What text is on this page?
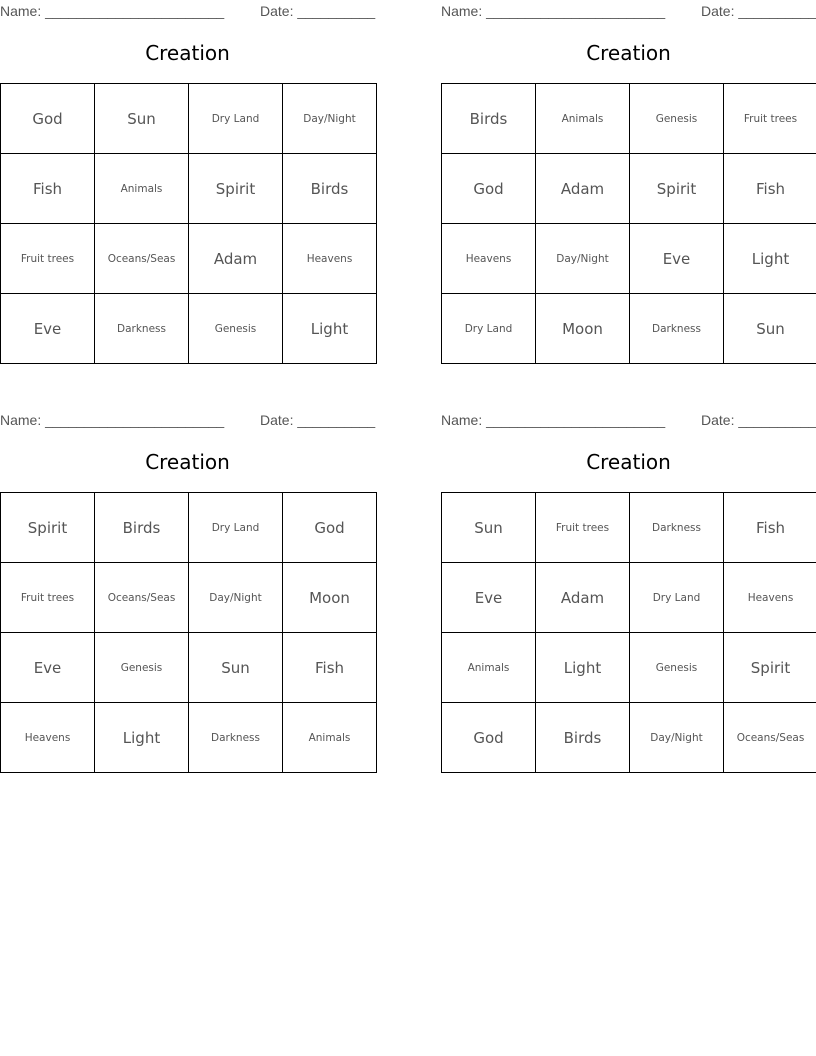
Name: _______________________	Date: __________
Creation
God	Sun	Dry Land	Day/Night
Fish	Animals	Spirit	Birds
Fruit trees	Oceans/Seas	Adam	Heavens
Eve	Darkness	Genesis	Light
Name: _______________________	Date: __________
Creation
Birds	Animals	Genesis	Fruit trees
God	Adam	Spirit	Fish
Heavens	Day/Night	Eve	Light
Dry Land	Moon	Darkness	Sun
Name: _______________________	Date: __________
Creation
Spirit	Birds	Dry Land	God
Fruit trees	Oceans/Seas	Day/Night	Moon
Eve	Genesis	Sun	Fish
Heavens	Light	Darkness	Animals
Name: _______________________	Date: __________
Creation
Sun	Fruit trees	Darkness	Fish
Eve	Adam	Dry Land	Heavens
Animals	Light	Genesis	Spirit
God	Birds	Day/Night	Oceans/Seas
